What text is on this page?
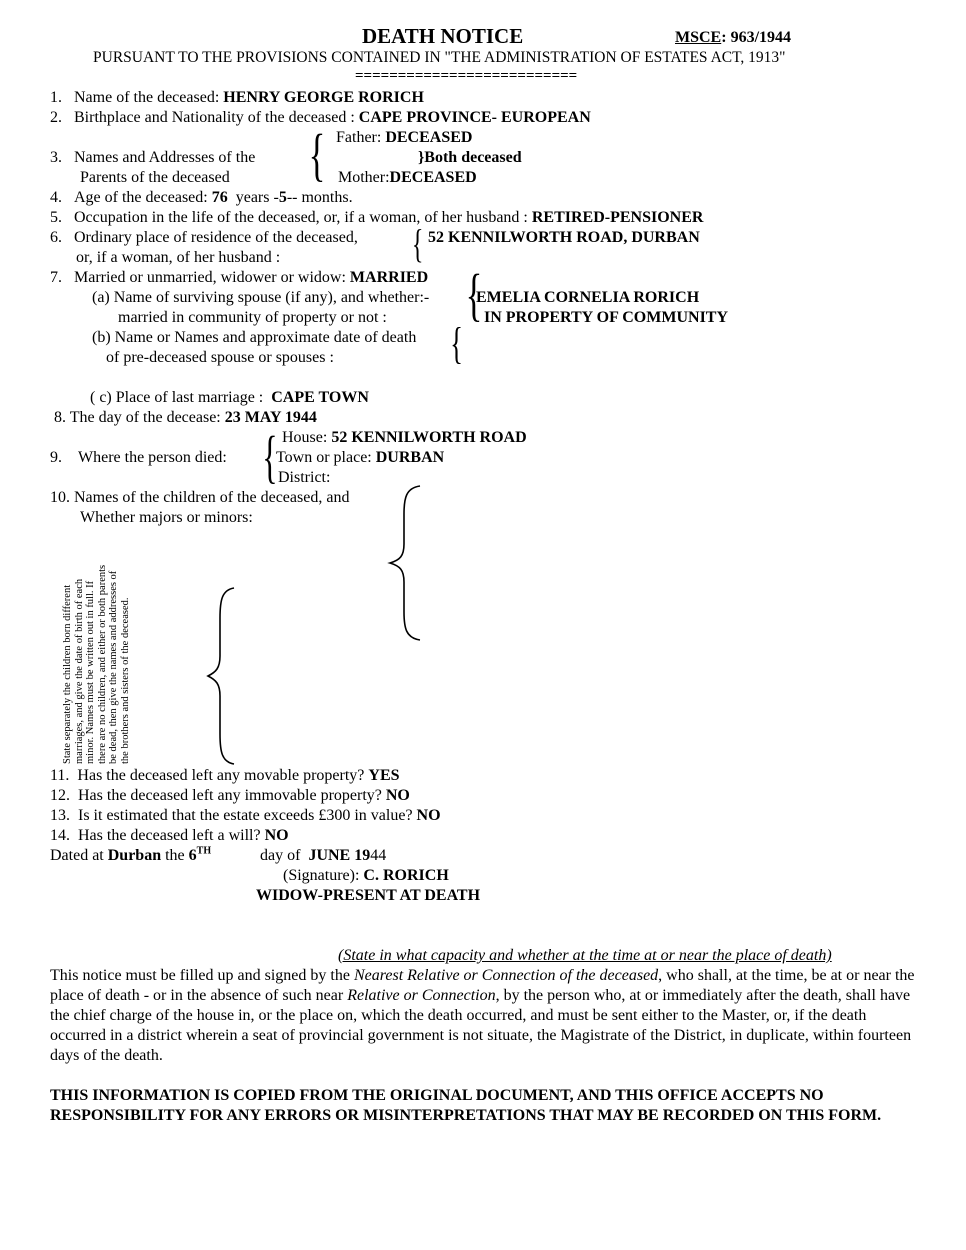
DEATH NOTICE	MSCE: 963/1944
PURSUANT TO THE PROVISIONS CONTAINED IN "THE ADMINISTRATION OF ESTATES ACT, 1913"
==========================
1. Name of the deceased: HENRY GEORGE RORICH
2. Birthplace and Nationality of the deceased : CAPE PROVINCE- EUROPEAN
3. Names and Addresses of the
Parents of the deceased { Father: DECEASED
}Both deceased
Mother:DECEASED
4. Age of the deceased: 76 years -5-- months.
5. Occupation in the life of the deceased, or, if a woman, of her husband : RETIRED-PENSIONER
6. Ordinary place of residence of the deceased,
or, if a woman, of her husband :	{ 52 KENNILWORTH ROAD, DURBAN
7. Married or unmarried, widower or widow: MARRIED
(a) Name of surviving spouse (if any), and whether:-
married in community of property or not : {
EMELIA CORNELIA RORICH
IN PROPERTY OF COMMUNITY
(b) Name or Names and approximate date of death
of pre-deceased spouse or spouses :	{
( c) Place of last marriage : CAPE TOWN
8. The day of the decease: 23 MAY 1944
9. Where the person died: { House: 52 KENNILWORTH ROAD
Town or place: DURBAN
District:
10. Names of the children of the deceased, and
Whether majors or minors:
State separately the children born different marriages, and give the date of birth of each minor. Names must be written out in full. If there are no children, and either or both parents be dead, then give the names and addresses of the brothers and sisters of the deceased.
11. Has the deceased left any movable property? YES
12. Has the deceased left any immovable property? NO
13. Is it estimated that the estate exceeds £300 in value? NO
14. Has the deceased left a will? NO
Dated at Durban the 6TH	day of JUNE 1944
(Signature): C. RORICH
WIDOW-PRESENT AT DEATH
(State in what capacity and whether at the time at or near the place of death)
This notice must be filled up and signed by the Nearest Relative or Connection of the deceased, who shall, at the time, be at or near the place of death - or in the absence of such near Relative or Connection, by the person who, at or immediately after the death, shall have the chief charge of the house in, or the place on, which the death occurred, and must be sent either to the Master, or, if the death occurred in a district wherein a seat of provincial government is not situate, the Magistrate of the District, in duplicate, within fourteen days of the death.
THIS INFORMATION IS COPIED FROM THE ORIGINAL DOCUMENT, AND THIS OFFICE ACCEPTS NO RESPONSIBILITY FOR ANY ERRORS OR MISINTERPRETATIONS THAT MAY BE RECORDED ON THIS FORM.
